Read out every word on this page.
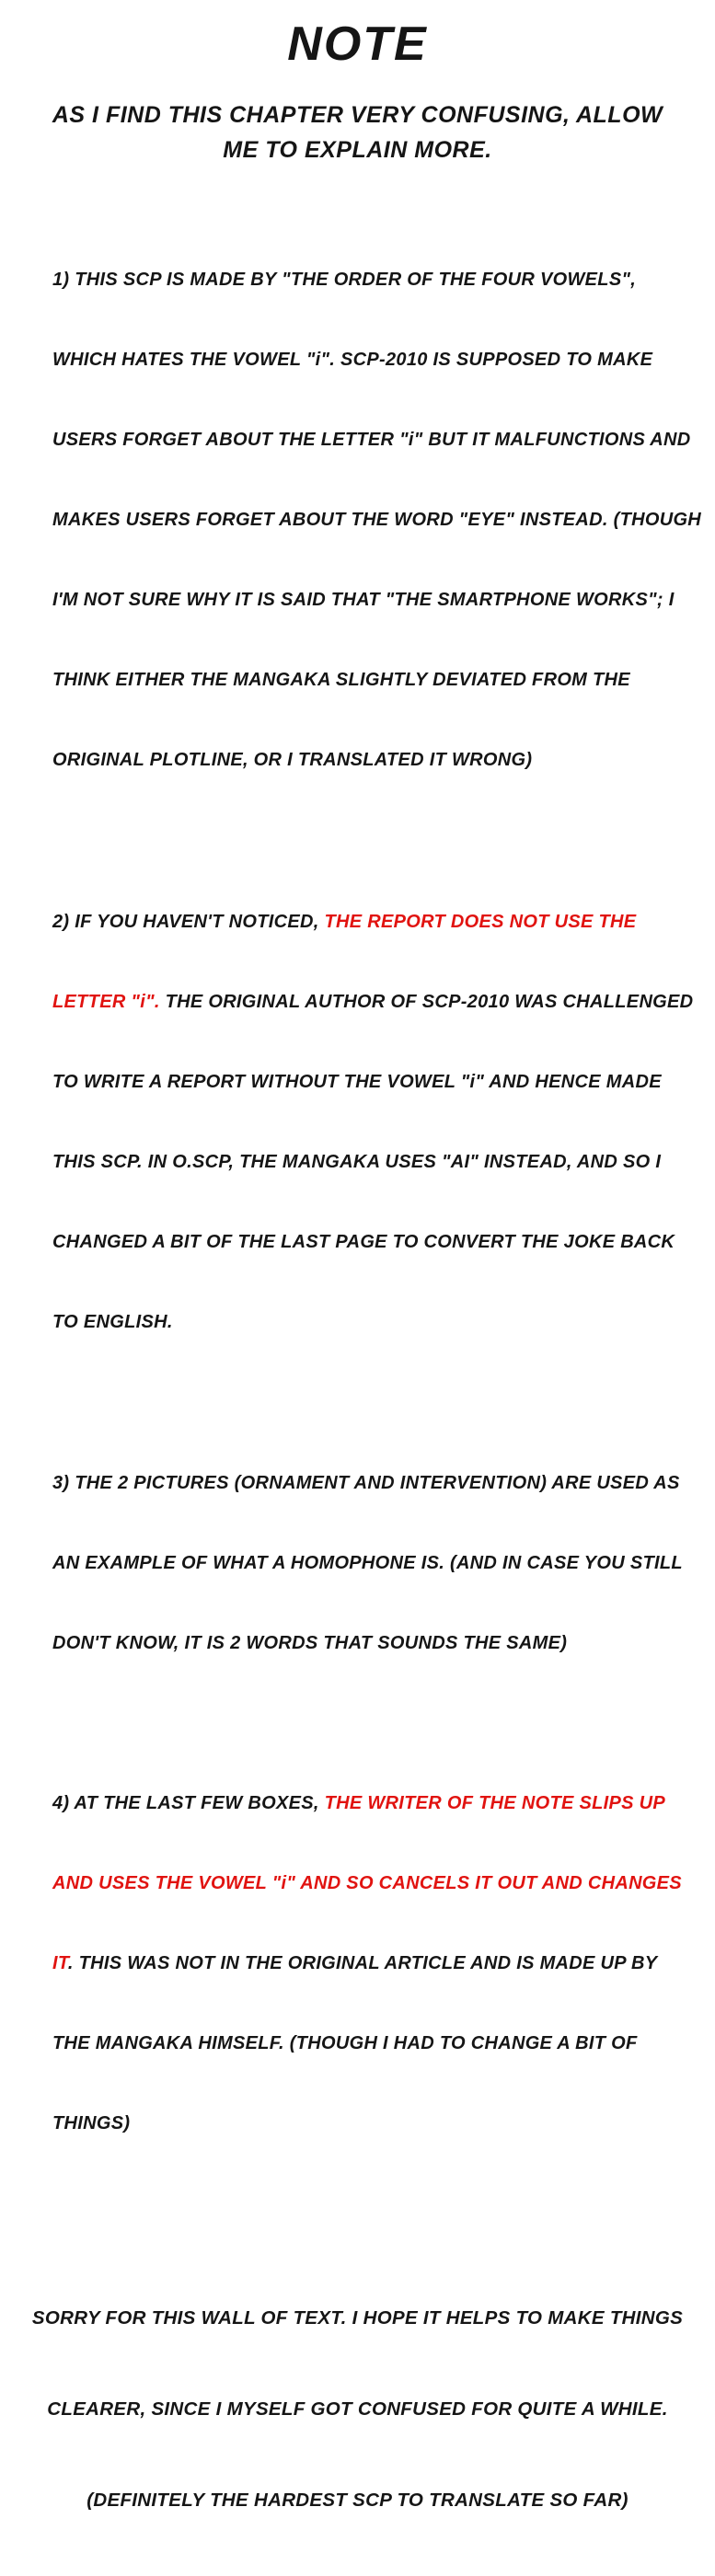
NOTE
AS I FIND THIS CHAPTER VERY CONFUSING, ALLOW
ME TO EXPLAIN MORE.

1) THIS SCP IS MADE BY "THE ORDER OF THE FOUR VOWELS",

WHICH HATES THE VOWEL "i". SCP-2010 IS SUPPOSED TO MAKE

USERS FORGET ABOUT THE LETTER "i" BUT IT MALFUNCTIONS AND

MAKES USERS FORGET ABOUT THE WORD "EYE" INSTEAD. (THOUGH

I'M NOT SURE WHY IT IS SAID THAT "THE SMARTPHONE WORKS"; I

THINK EITHER THE MANGAKA SLIGHTLY DEVIATED FROM THE

ORIGINAL PLOTLINE, OR I TRANSLATED IT WRONG)

2) IF YOU HAVEN'T NOTICED, THE REPORT DOES NOT USE THE

LETTER "i". THE ORIGINAL AUTHOR OF SCP-2010 WAS CHALLENGED

TO WRITE A REPORT WITHOUT THE VOWEL "i" AND HENCE MADE

THIS SCP. IN O.SCP, THE MANGAKA USES "AI" INSTEAD, AND SO I

CHANGED A BIT OF THE LAST PAGE TO CONVERT THE JOKE BACK

TO ENGLISH.

3) THE 2 PICTURES (ORNAMENT AND INTERVENTION) ARE USED AS

AN EXAMPLE OF WHAT A HOMOPHONE IS. (AND IN CASE YOU STILL

DON'T KNOW, IT IS 2 WORDS THAT SOUNDS THE SAME)

4) AT THE LAST FEW BOXES, THE WRITER OF THE NOTE SLIPS UP

AND USES THE VOWEL "i" AND SO CANCELS IT OUT AND CHANGES

IT. THIS WAS NOT IN THE ORIGINAL ARTICLE AND IS MADE UP BY

THE MANGAKA HIMSELF. (THOUGH I HAD TO CHANGE A BIT OF

THINGS)

SORRY FOR THIS WALL OF TEXT. I HOPE IT HELPS TO MAKE THINGS

CLEARER, SINCE I MYSELF GOT CONFUSED FOR QUITE A WHILE.

(DEFINITELY THE HARDEST SCP TO TRANSLATE SO FAR)
